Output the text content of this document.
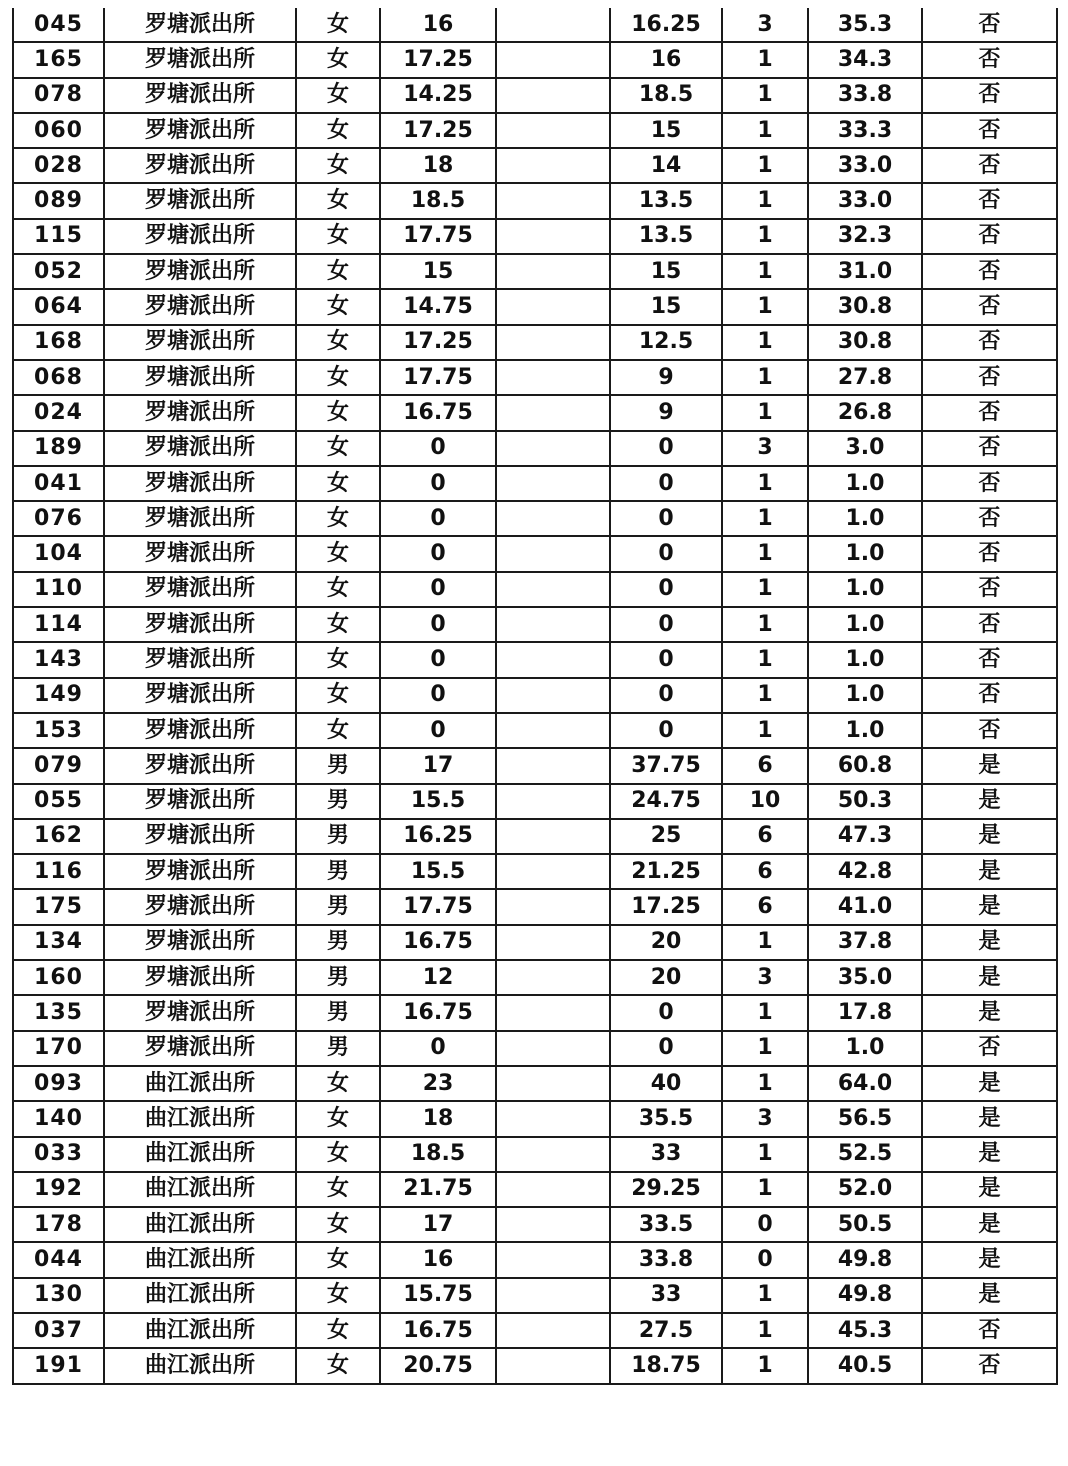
045	罗塘派出所	女	16		16.25	3	35.3	否
165	罗塘派出所	女	17.25		16	1	34.3	否
078	罗塘派出所	女	14.25		18.5	1	33.8	否
060	罗塘派出所	女	17.25		15	1	33.3	否
028	罗塘派出所	女	18		14	1	33.0	否
089	罗塘派出所	女	18.5		13.5	1	33.0	否
115	罗塘派出所	女	17.75		13.5	1	32.3	否
052	罗塘派出所	女	15		15	1	31.0	否
064	罗塘派出所	女	14.75		15	1	30.8	否
168	罗塘派出所	女	17.25		12.5	1	30.8	否
068	罗塘派出所	女	17.75		9	1	27.8	否
024	罗塘派出所	女	16.75		9	1	26.8	否
189	罗塘派出所	女	0		0	3	3.0	否
041	罗塘派出所	女	0		0	1	1.0	否
076	罗塘派出所	女	0		0	1	1.0	否
104	罗塘派出所	女	0		0	1	1.0	否
110	罗塘派出所	女	0		0	1	1.0	否
114	罗塘派出所	女	0		0	1	1.0	否
143	罗塘派出所	女	0		0	1	1.0	否
149	罗塘派出所	女	0		0	1	1.0	否
153	罗塘派出所	女	0		0	1	1.0	否
079	罗塘派出所	男	17		37.75	6	60.8	是
055	罗塘派出所	男	15.5		24.75	10	50.3	是
162	罗塘派出所	男	16.25		25	6	47.3	是
116	罗塘派出所	男	15.5		21.25	6	42.8	是
175	罗塘派出所	男	17.75		17.25	6	41.0	是
134	罗塘派出所	男	16.75		20	1	37.8	是
160	罗塘派出所	男	12		20	3	35.0	是
135	罗塘派出所	男	16.75		0	1	17.8	是
170	罗塘派出所	男	0		0	1	1.0	否
093	曲江派出所	女	23		40	1	64.0	是
140	曲江派出所	女	18		35.5	3	56.5	是
033	曲江派出所	女	18.5		33	1	52.5	是
192	曲江派出所	女	21.75		29.25	1	52.0	是
178	曲江派出所	女	17		33.5	0	50.5	是
044	曲江派出所	女	16		33.8	0	49.8	是
130	曲江派出所	女	15.75		33	1	49.8	是
037	曲江派出所	女	16.75		27.5	1	45.3	否
191	曲江派出所	女	20.75		18.75	1	40.5	否
